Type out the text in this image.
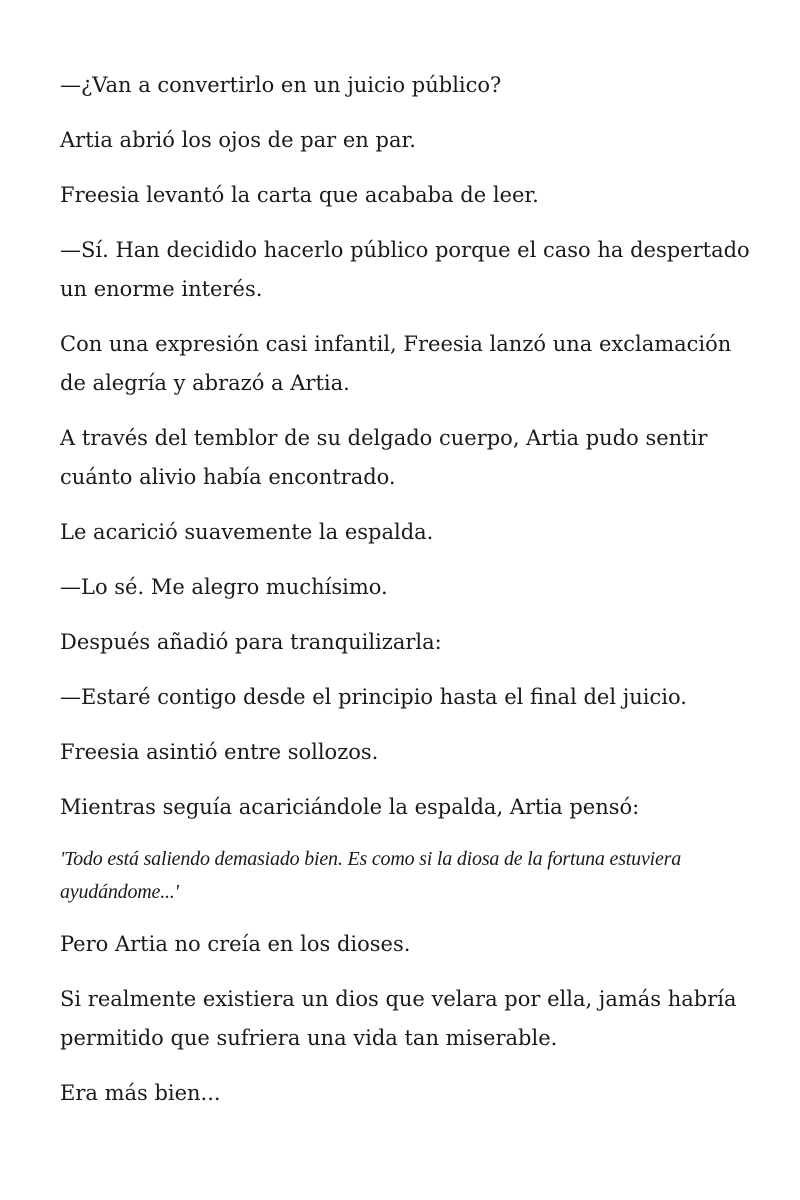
—¿Van a convertirlo en un juicio público?

Artia abrió los ojos de par en par.

Freesia levantó la carta que acababa de leer.

—Sí. Han decidido hacerlo público porque el caso ha despertado un enorme interés.

Con una expresión casi infantil, Freesia lanzó una exclamación de alegría y abrazó a Artia.

A través del temblor de su delgado cuerpo, Artia pudo sentir cuánto alivio había encontrado.

Le acarició suavemente la espalda.

—Lo sé. Me alegro muchísimo.

Después añadió para tranquilizarla:

—Estaré contigo desde el principio hasta el final del juicio.

Freesia asintió entre sollozos.

Mientras seguía acariciándole la espalda, Artia pensó:

'Todo está saliendo demasiado bien. Es como si la diosa de la fortuna estuviera ayudándome...'

Pero Artia no creía en los dioses.

Si realmente existiera un dios que velara por ella, jamás habría permitido que sufriera una vida tan miserable.

Era más bien...
